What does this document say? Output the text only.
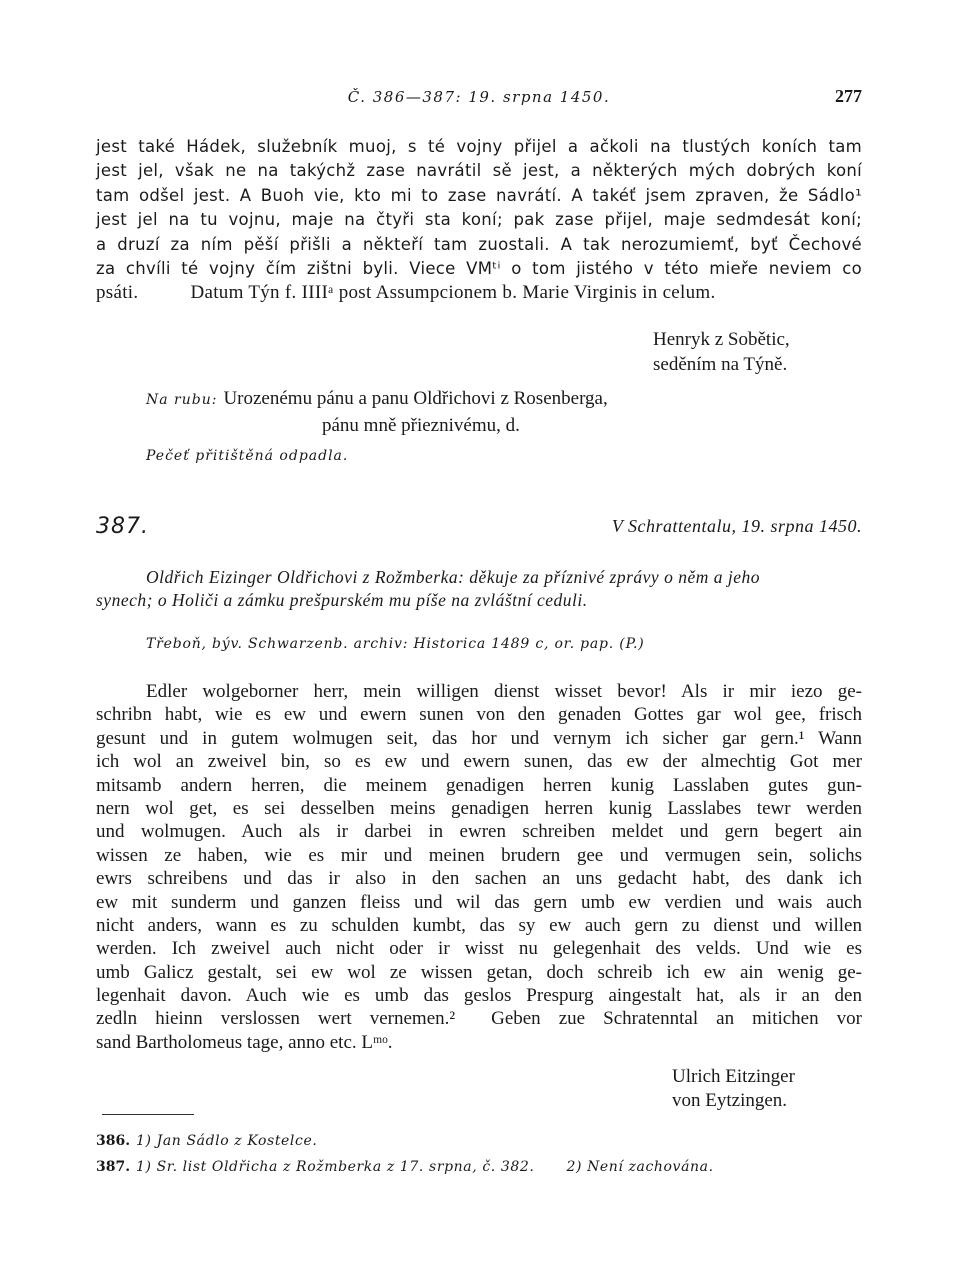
Č. 386—387: 19. srpna 1450.	277
jest také Hádek, služebník muoj, s té vojny přijel a ačkoli na tlustých koních tam
jest jel, však ne na takýchž zase navrátil sě jest, a některých mých dobrých koní
tam odšel jest. A Buoh vie, kto mi to zase navrátí. A takéť jsem zpraven, že Sádlo¹
jest jel na tu vojnu, maje na čtyři sta koní; pak zase přijel, maje sedmdesát koní;
a druzí za ním pěší přišli a někteří tam zuostali. A tak nerozumiemť, byť Čechové
za chvíli té vojny čím zištni byli. Viece VMᵗⁱ o tom jistého v této mieře neviem co
psáti.	Datum Týn f. IIIIᵃ post Assumpcionem b. Marie Virginis in celum.
Henryk z Sobětic,
seděním na Týně.
Na rubu: Urozenému pánu a panu Oldřichovi z Rosenberga,
pánu mně přieznivému, d.
Pečeť přitištěná odpadla.
387.	V Schrattentalu, 19. srpna 1450.
Oldřich Eizinger Oldřichovi z Rožmberka: děkuje za příznivé zprávy o něm a jeho
synech; o Holiči a zámku prešpurském mu píše na zvláštní ceduli.
Třeboň, býv. Schwarzenb. archiv: Historica 1489 c, or. pap. (P.)
Edler wolgeborner herr, mein willigen dienst wisset bevor! Als ir mir iezo ge-
schribn habt, wie es ew und ewern sunen von den genaden Gottes gar wol gee, frisch
gesunt und in gutem wolmugen seit, das hor und vernym ich sicher gar gern.¹ Wann
ich wol an zweivel bin, so es ew und ewern sunen, das ew der almechtig Got mer
mitsamb andern herren, die meinem genadigen herren kunig Lasslaben gutes gun-
nern wol get, es sei desselben meins genadigen herren kunig Lasslabes tewr werden
und wolmugen. Auch als ir darbei in ewren schreiben meldet und gern begert ain
wissen ze haben, wie es mir und meinen brudern gee und vermugen sein, solichs
ewrs schreibens und das ir also in den sachen an uns gedacht habt, des dank ich
ew mit sunderm und ganzen fleiss und wil das gern umb ew verdien und wais auch
nicht anders, wann es zu schulden kumbt, das sy ew auch gern zu dienst und willen
werden. Ich zweivel auch nicht oder ir wisst nu gelegenhait des velds. Und wie es
umb Galicz gestalt, sei ew wol ze wissen getan, doch schreib ich ew ain wenig ge-
legenhait davon. Auch wie es umb das geslos Prespurg aingestalt hat, als ir an den
zedln hieinn verslossen wert vernemen.² Geben zue Schratenntal an mitichen vor
sand Bartholomeus tage, anno etc. Lᵐᵒ.
Ulrich Eitzinger
von Eytzingen.
386. 1) Jan Sádlo z Kostelce.
387. 1) Sr. list Oldřicha z Rožmberka z 17. srpna, č. 382. 2) Není zachována.
